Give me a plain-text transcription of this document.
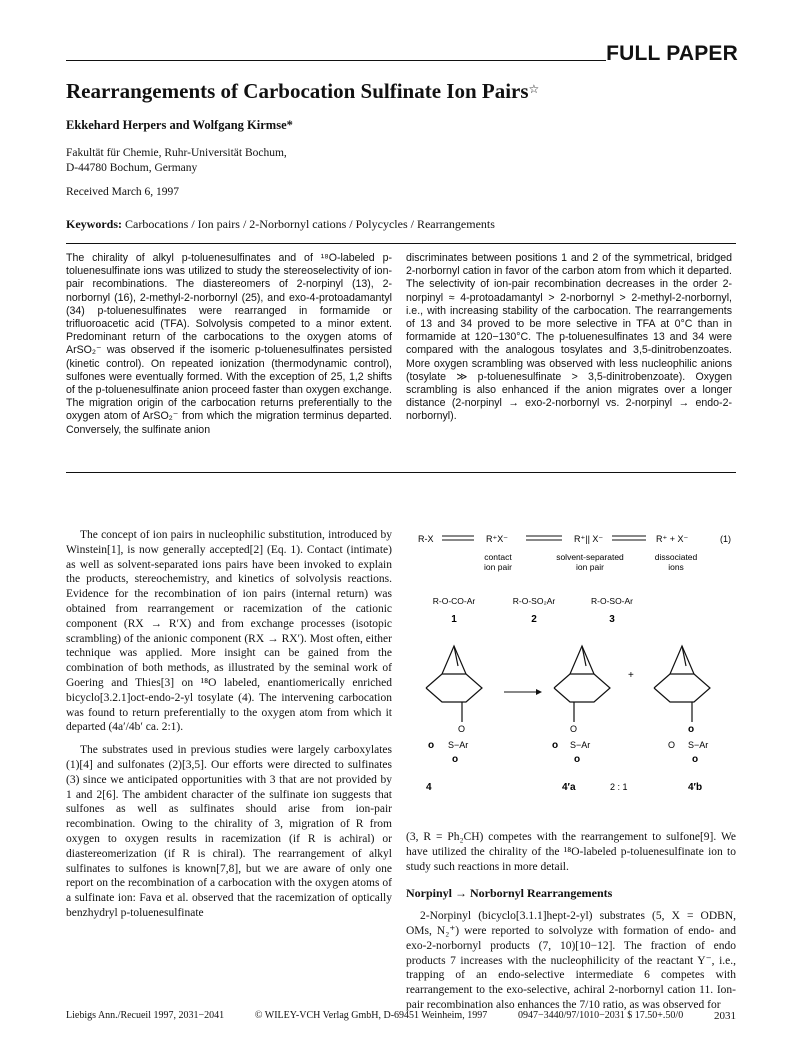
FULL PAPER
Rearrangements of Carbocation Sulfinate Ion Pairs☆
Ekkehard Herpers and Wolfgang Kirmse*
Fakultät für Chemie, Ruhr-Universität Bochum,
D-44780 Bochum, Germany
Received March 6, 1997
Keywords: Carbocations / Ion pairs / 2-Norbornyl cations / Polycycles / Rearrangements
The chirality of alkyl p-toluenesulfinates and of ¹⁸O-labeled p-toluenesulfinate ions was utilized to study the stereoselectivity of ion-pair recombinations. The diastereomers of 2-norpinyl (13), 2-norbornyl (16), 2-methyl-2-norbornyl (25), and exo-4-protoadamantyl (34) p-toluenesulfinates were rearranged in formamide or trifluoroacetic acid (TFA). Solvolysis competed to a minor extent. Predominant return of the carbocations to the oxygen atoms of ArSO₂⁻ was observed if the isomeric p-toluenesulfinates persisted (kinetic control). On repeated ionization (thermodynamic control), sulfones were eventually formed. With the exception of 25, 1,2 shifts of the p-toluenesulfinate anion proceed faster than oxygen exchange. The migration origin of the carbocation returns preferentially to the oxygen atom of ArSO₂⁻ from which the migration terminus departed. Conversely, the sulfinate anion
discriminates between positions 1 and 2 of the symmetrical, bridged 2-norbornyl cation in favor of the carbon atom from which it departed. The selectivity of ion-pair recombination decreases in the order 2-norpinyl ≈ 4-protoadamantyl > 2-norbornyl > 2-methyl-2-norbornyl, i.e., with increasing stability of the carbocation. The rearrangements of 13 and 34 proved to be more selective in TFA at 0°C than in formamide at 120−130°C. The p-toluenesulfinates 13 and 34 were compared with the analogous tosylates and 3,5-dinitrobenzoates. More oxygen scrambling was observed with less nucleophilic anions (tosylate ≫ p-toluenesulfinate > 3,5-dinitrobenzoate). Oxygen scrambling is also enhanced if the anion migrates over a longer distance (2-norpinyl → exo-2-norbornyl vs. 2-norpinyl → endo-2-norbornyl).

The concept of ion pairs in nucleophilic substitution, introduced by Winstein[1], is now generally accepted[2] (Eq. 1). Contact (intimate) as well as solvent-separated ions pairs have been invoked to explain the products, stereochemistry, and kinetics of solvolysis reactions. Evidence for the recombination of ion pairs (internal return) was obtained from rearrangement or racemization of the cationic component (RX → R′X) and from exchange processes (isotopic scrambling) of the anionic component (RX → RX′). Most often, either technique was applied. More insight can be gained from the combination of both methods, as illustrated by the seminal work of Goering and Thies[3] on ¹⁸O labeled, enantiomerically enriched bicyclo[3.2.1]oct-endo-2-yl tosylate (4). The intervening carbocation was found to return preferentially to the oxygen atom from which it departed (4a′/4b′ ca. 2:1).

The substrates used in previous studies were largely carboxylates (1)[4] and sulfonates (2)[3,5]. Our efforts were directed to sulfinates (3) since we anticipated opportunities with 3 that are not provided by 1 and 2[6]. The ambident character of the sulfinate ion suggests that sulfones as well as sulfinates should arise from ion-pair recombination. Owing to the chirality of 3, migration of R from oxygen to oxygen results in racemization (if R is achiral) or diastereomerization (if R is chiral). The rearrangement of alkyl sulfinates to sulfones is known[7,8], but we are aware of only one report on the recombination of a carbocation with the oxygen atoms of a sulfinate ion: Fava et al. observed that the racemization of optically benzhydryl p-toluenesulfinate

R-X	R⁺X⁻	R⁺|| X⁻	R⁺ + X⁻	(1)
contact
ion pair
solvent-separated
ion pair
dissociated
ions
R-O-CO-Ar	R-O-SO₂Ar	R-O-SO-Ar
1	2	3
O
o S−Ar
o
4
O
o S−Ar
o
4′a
+
2 : 1
o
O S−Ar
o
4′b

(3, R = Ph₂CH) competes with the rearrangement to sulfone[9]. We have utilized the chirality of the ¹⁸O-labeled p-toluenesulfinate ion to study such reactions in more detail.

Norpinyl → Norbornyl Rearrangements

2-Norpinyl (bicyclo[3.1.1]hept-2-yl) substrates (5, X = ODBN, OMs, N₂⁺) were reported to solvolyze with formation of endo- and exo-2-norbornyl products (7, 10)[10−12]. The fraction of endo products 7 increases with the nucleophilicity of the reactant Y⁻, i.e., trapping of an endo-selective intermediate 6 competes with rearrangement to the exo-selective, achiral 2-norbornyl cation 11. Ion-pair recombination also enhances the 7/10 ratio, as was observed for

Liebigs Ann./Recueil 1997, 2031−2041	© WILEY-VCH Verlag GmbH, D-69451 Weinheim, 1997	0947−3440/97/1010−2031 $ 17.50+.50/0	2031
